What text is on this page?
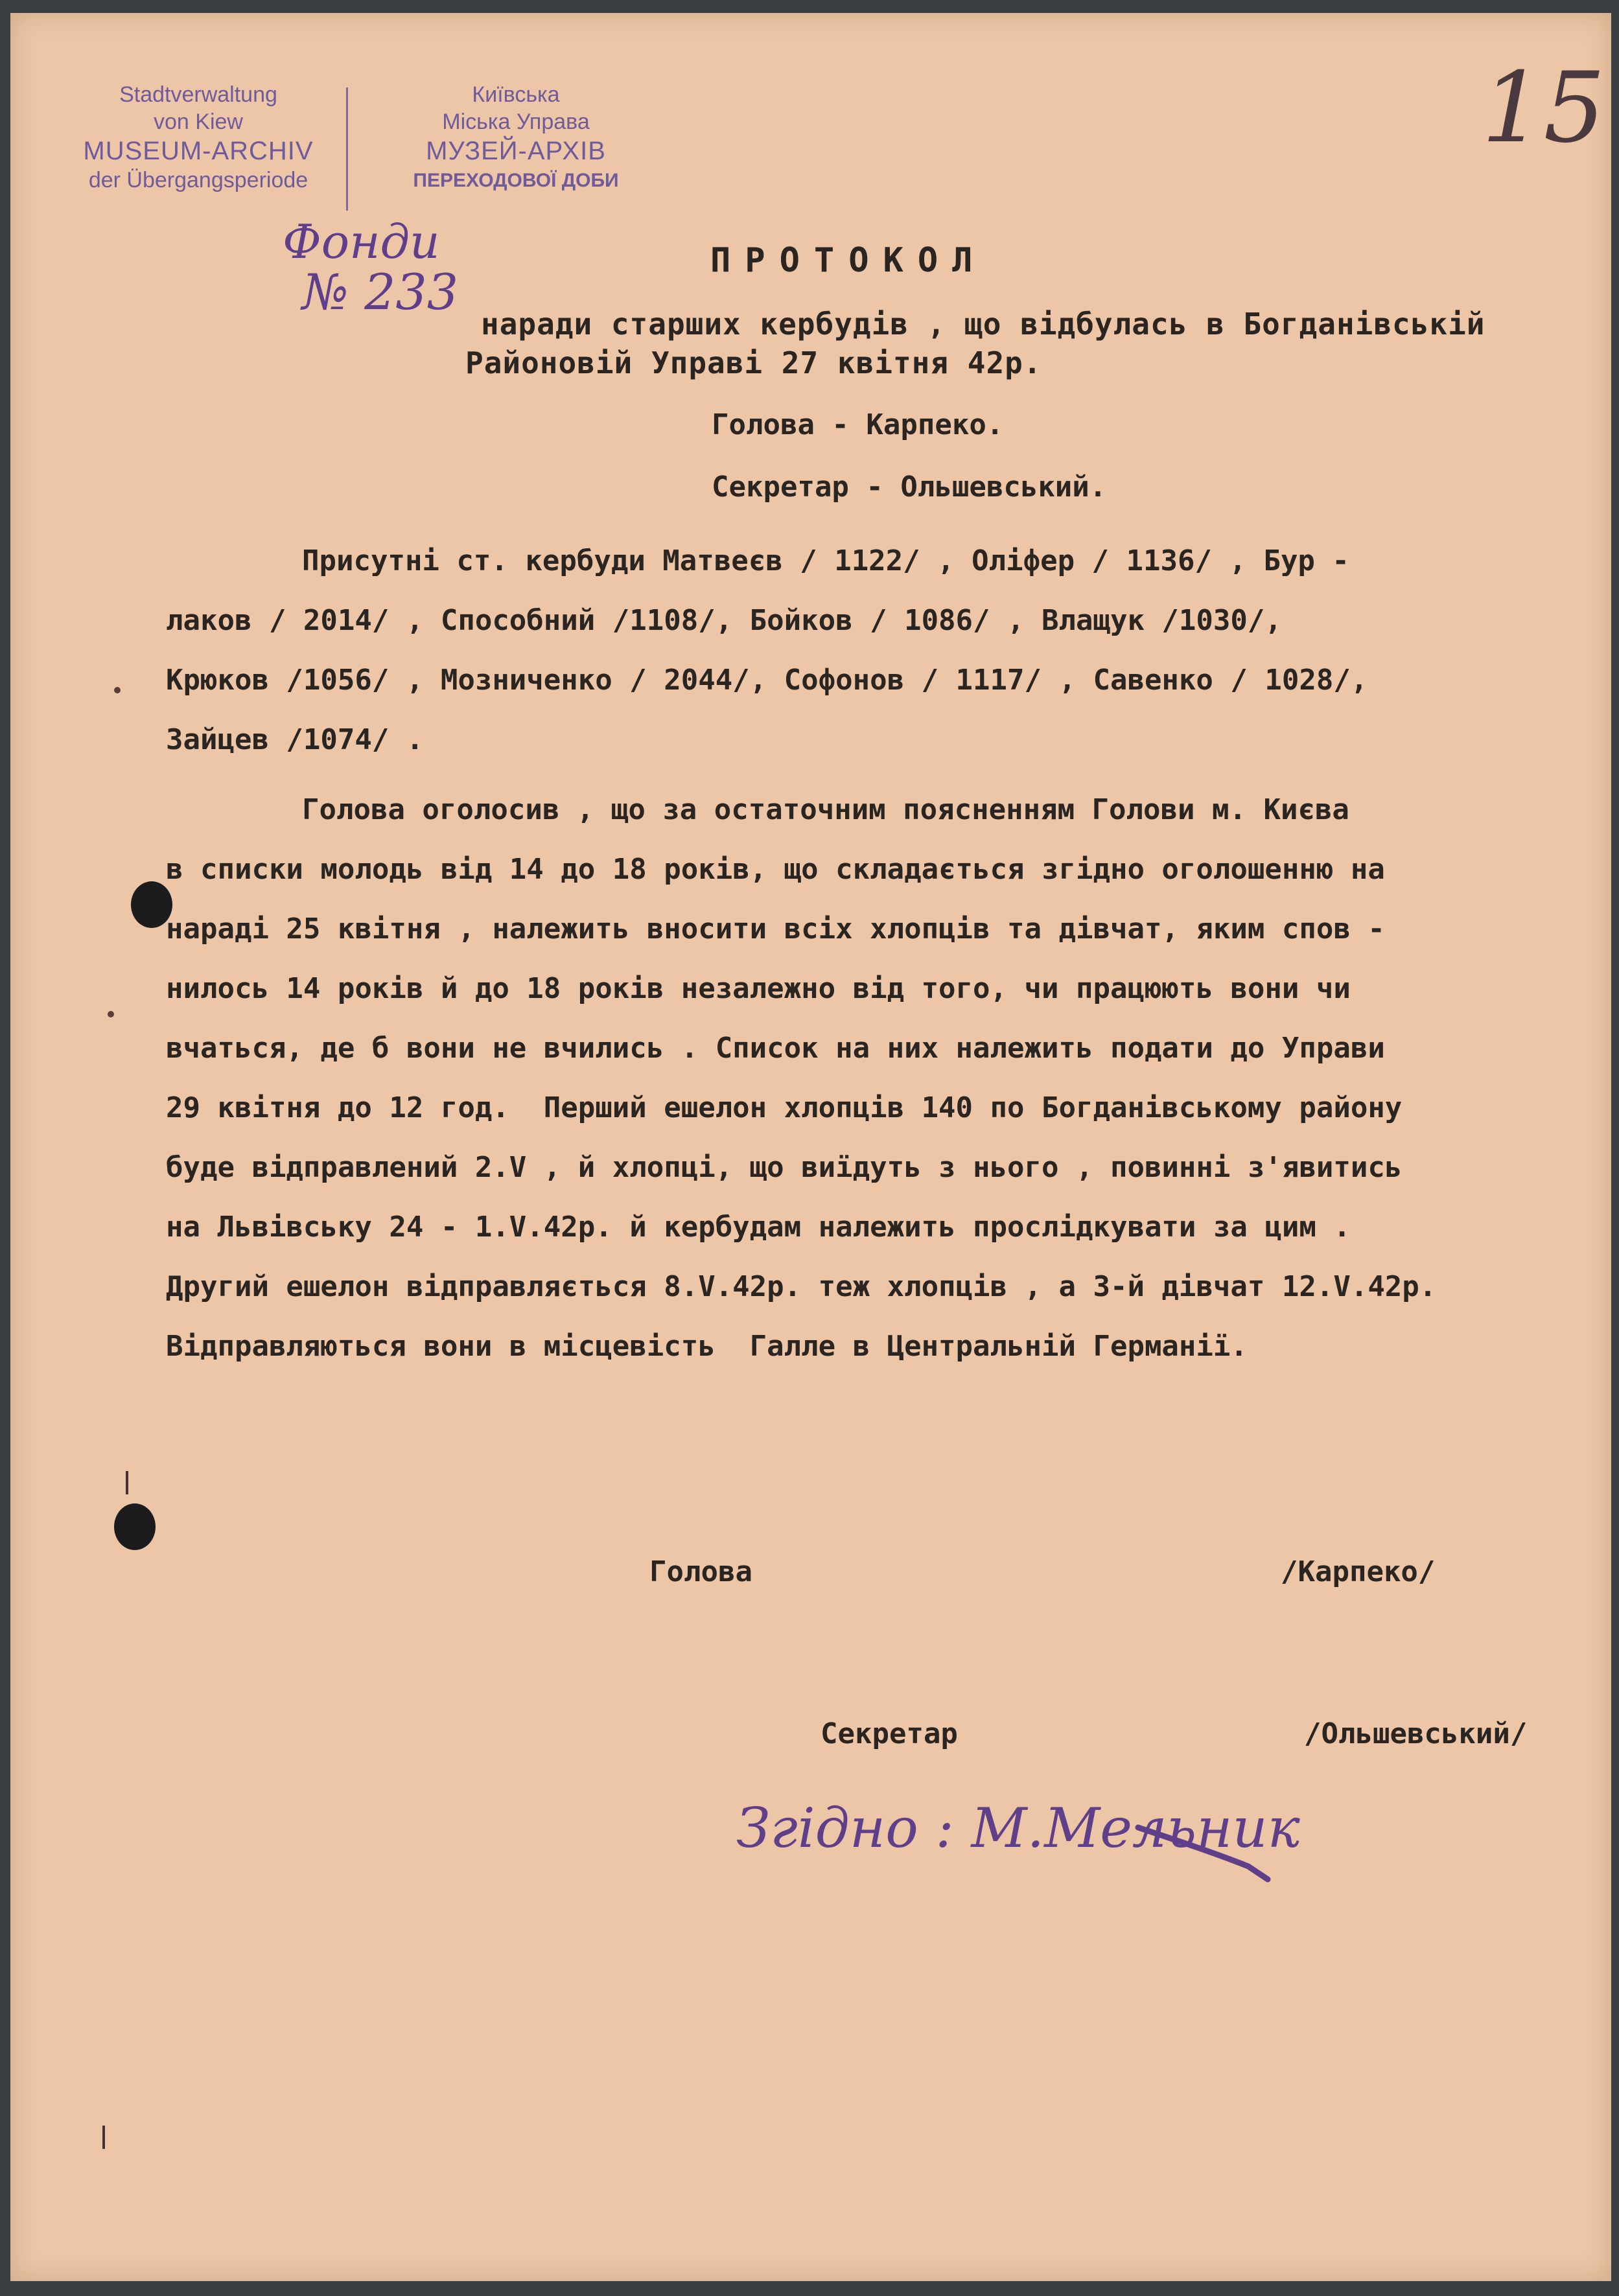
Stadtverwaltung
von Kiew
MUSEUM-ARCHIV
der Übergangsperiode
Київська
Міська Управа
МУЗЕЙ-АРХІВ
ПЕРЕХОДОВОЇ ДОБИ
Фонди
№ 233
15
ПРОТОКОЛ
наради старших кербудів , що відбулась в Богданівській
Районовій Управі 27 квітня 42р.
Голова - Карпеко.
Секретар - Ольшевський.

Присутні ст. кербуди Матвеєв / 1122/ , Оліфер / 1136/ , Бур -
лаков / 2014/ , Способний /1108/, Бойков / 1086/ , Влащук /1030/,
Крюков /1056/ , Мозниченко / 2044/, Софонов / 1117/ , Савенко / 1028/,
Зайцев /1074/ .

Голова оголосив , що за остаточним поясненням Голови м. Києва
в списки молодь від 14 до 18 років, що складається згідно оголошенню на
нараді 25 квітня , належить вносити всіх хлопців та дівчат, яким спов -
нилось 14 років й до 18 років незалежно від того, чи працюють вони чи
вчаться, де б вони не вчились . Список на них належить подати до Управи
29 квітня до 12 год.  Перший ешелон хлопців 140 по Богданівському району
буде відправлений 2.V , й хлопці, що виїдуть з нього , повинні з'явитись
на Львівську 24 - 1.V.42р. й кербудам належить прослідкувати за цим .
Другий ешелон відправляється 8.V.42р. теж хлопців , а 3-й дівчат 12.V.42р.
Відправляються вони в місцевість  Галле в Центральній Германії.

Голова	/Карпеко/
Секретар	/Ольшевський/
Згідно : М.Мельник
